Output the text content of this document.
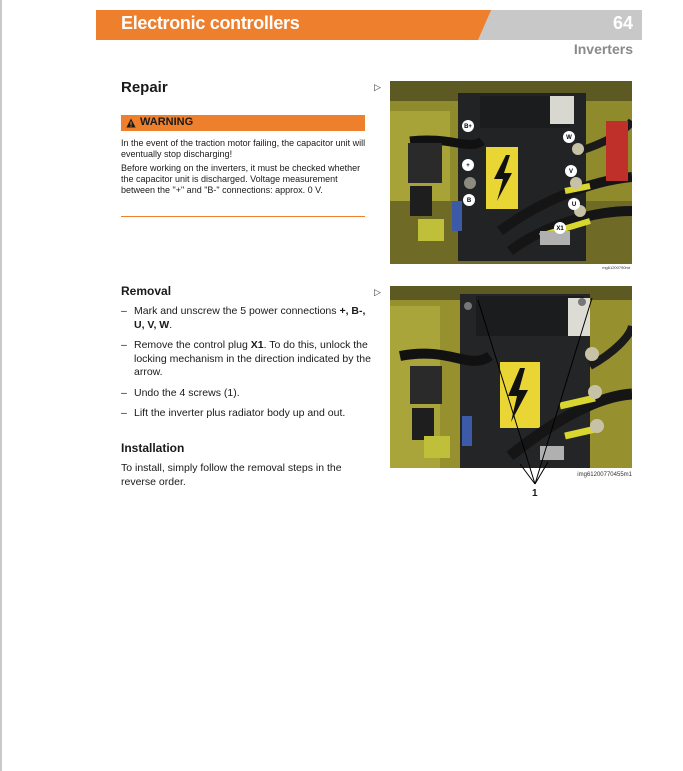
Electronic controllers	64
Inverters
Repair
WARNING

In the event of the traction motor failing, the capacitor unit will eventually stop discharging!

Before working on the inverters, it must be checked whether the capacitor unit is discharged. Voltage measurement between the "+" and "B-" connections: approx. 0 V.

Removal
– Mark and unscrew the 5 power connections +, B-, U, V, W.
– Remove the control plug X1. To do this, unlock the locking mechanism in the direction indicated by the arrow.
– Undo the 4 screws (1).
– Lift the inverter plus radiator body up and out.
Installation
To install, simply follow the removal steps in the reverse order.
▷
▷
B+
W
+
V
B
U
X1
mg61200790mt
1
img61200770455m1
